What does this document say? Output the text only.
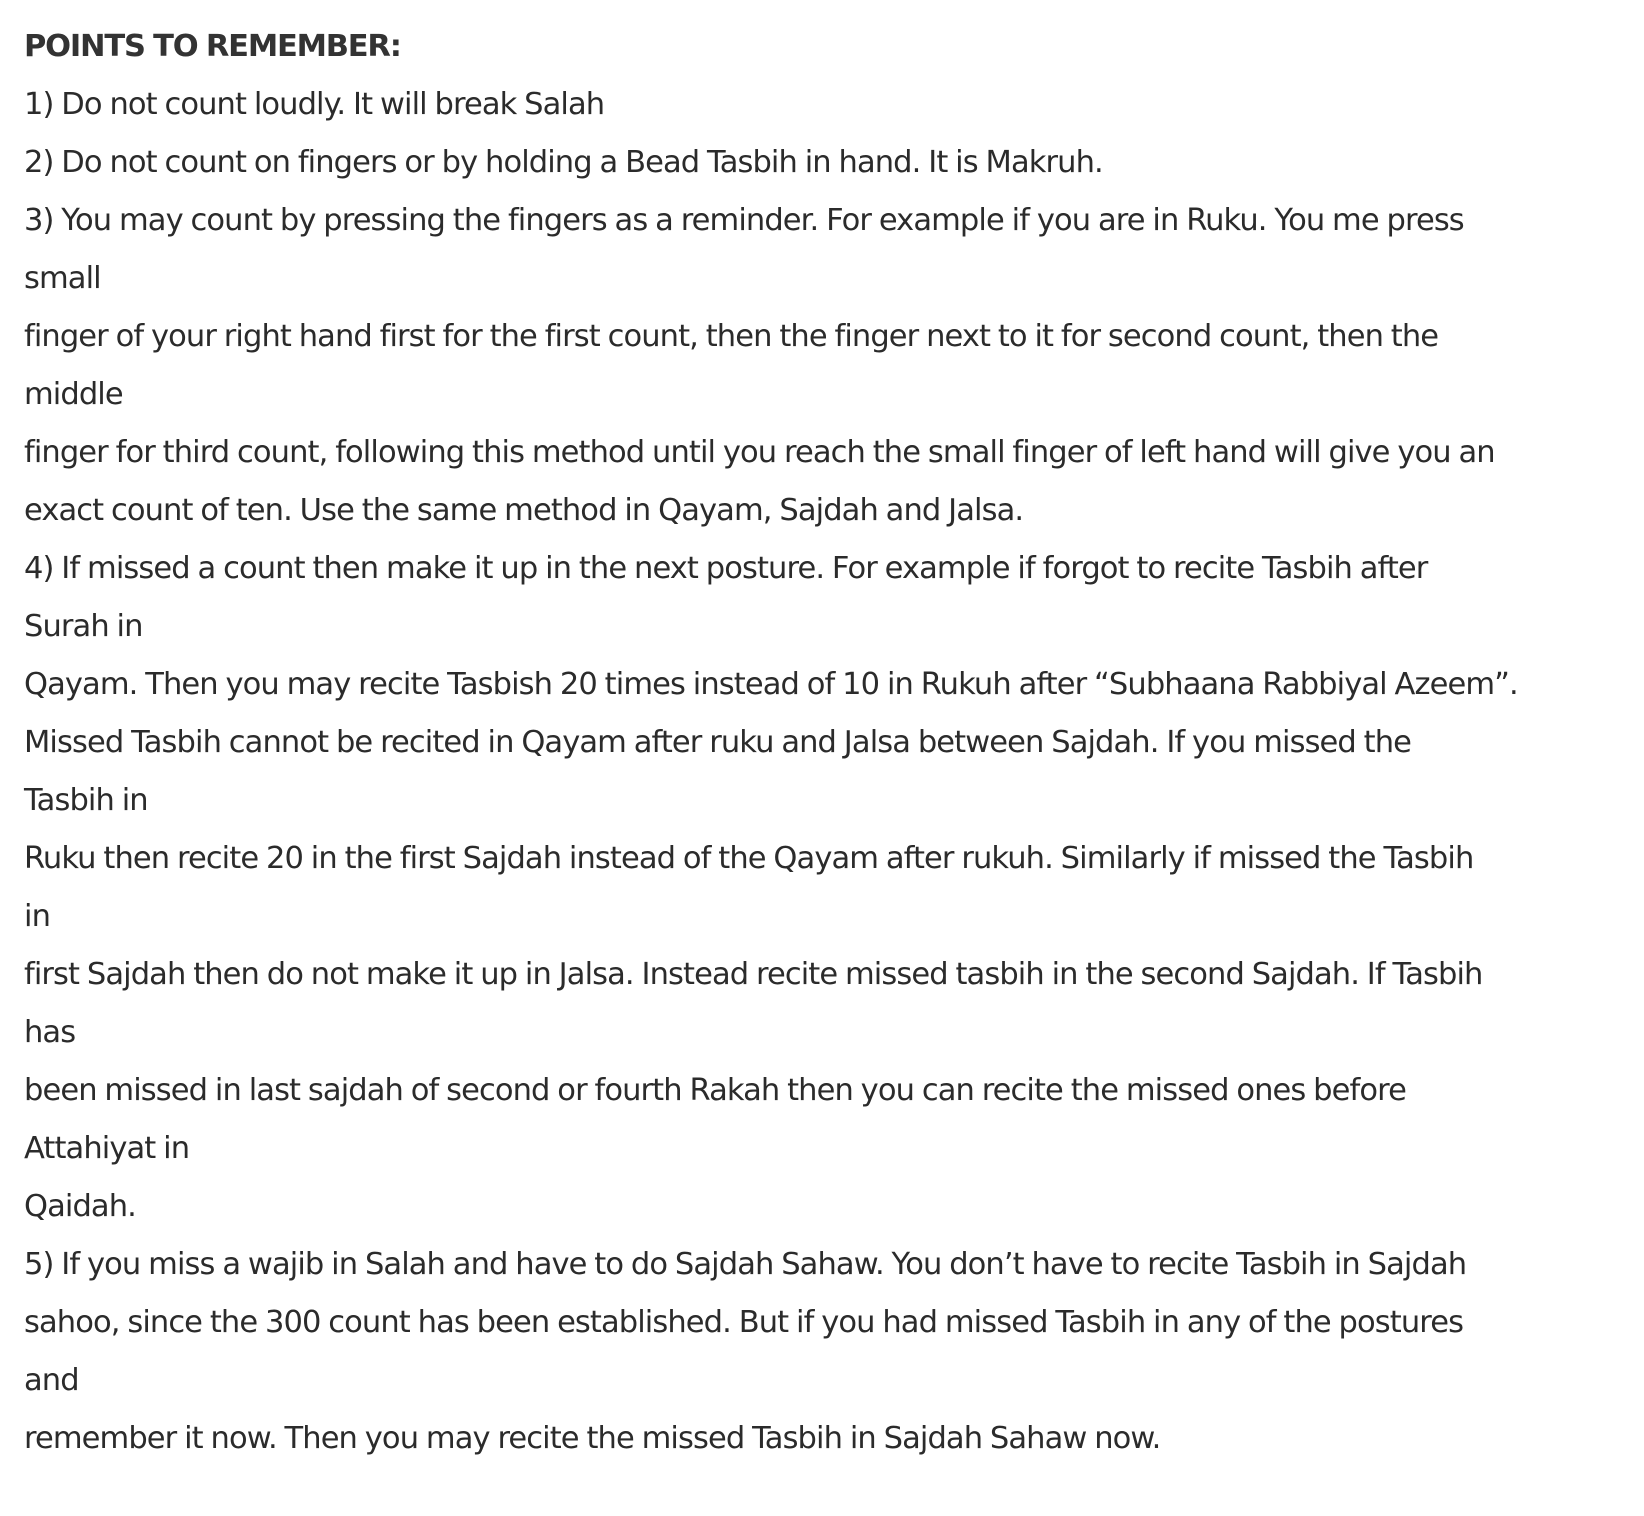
POINTS TO REMEMBER:
1) Do not count loudly. It will break Salah
2) Do not count on fingers or by holding a Bead Tasbih in hand. It is Makruh.
3) You may count by pressing the fingers as a reminder. For example if you are in Ruku. You me press
small
finger of your right hand first for the first count, then the finger next to it for second count, then the
middle
finger for third count, following this method until you reach the small finger of left hand will give you an
exact count of ten. Use the same method in Qayam, Sajdah and Jalsa.
4) If missed a count then make it up in the next posture. For example if forgot to recite Tasbih after
Surah in
Qayam. Then you may recite Tasbish 20 times instead of 10 in Rukuh after “Subhaana Rabbiyal Azeem”.
Missed Tasbih cannot be recited in Qayam after ruku and Jalsa between Sajdah. If you missed the
Tasbih in
Ruku then recite 20 in the first Sajdah instead of the Qayam after rukuh. Similarly if missed the Tasbih
in
first Sajdah then do not make it up in Jalsa. Instead recite missed tasbih in the second Sajdah. If Tasbih
has
been missed in last sajdah of second or fourth Rakah then you can recite the missed ones before
Attahiyat in
Qaidah.
5) If you miss a wajib in Salah and have to do Sajdah Sahaw. You don’t have to recite Tasbih in Sajdah
sahoo, since the 300 count has been established. But if you had missed Tasbih in any of the postures
and
remember it now. Then you may recite the missed Tasbih in Sajdah Sahaw now.
